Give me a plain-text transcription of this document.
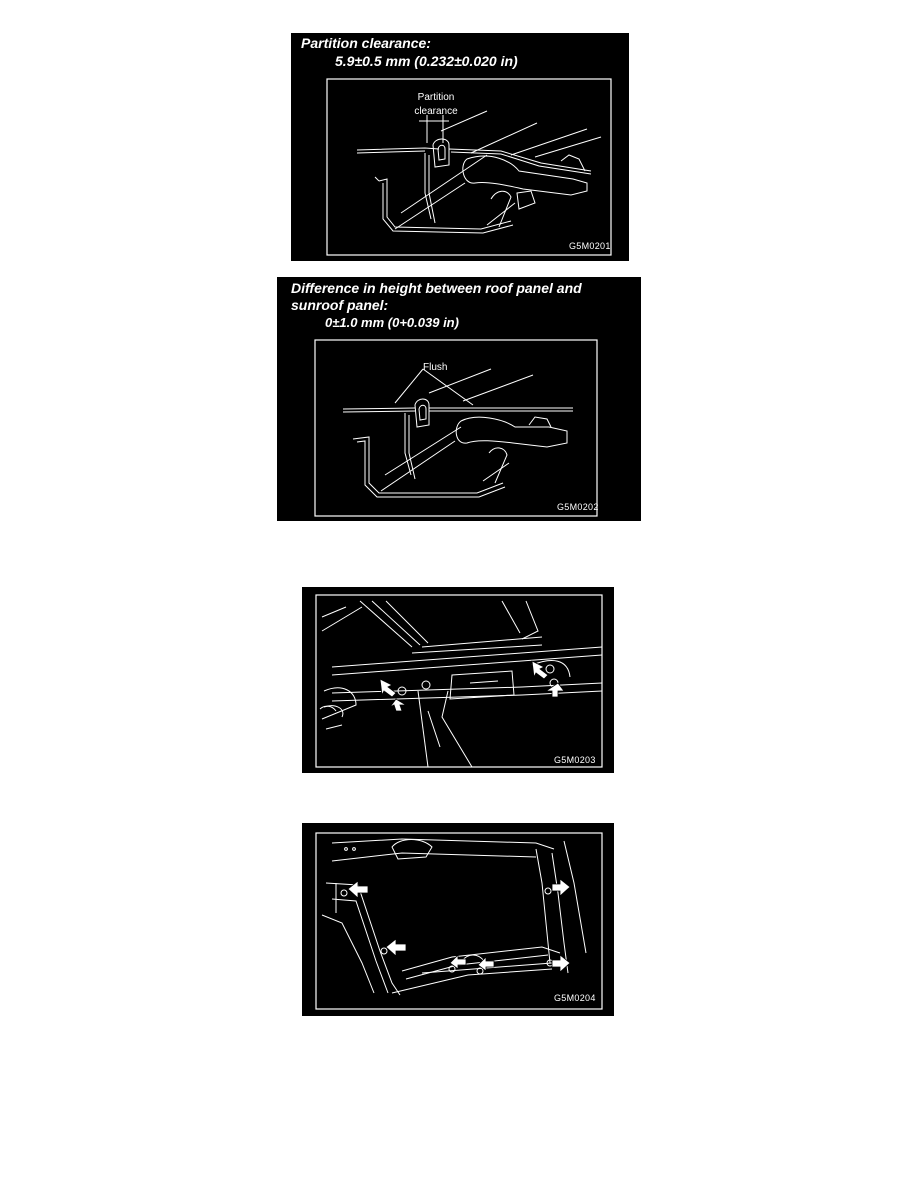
Partition clearance:
5.9±0.5 mm (0.232±0.020 in)
Partition
clearance
G5M0201
Difference in height between roof panel and
sunroof panel:
0±1.0 mm (0+0.039 in)
Flush
G5M0202
G5M0203
G5M0204
